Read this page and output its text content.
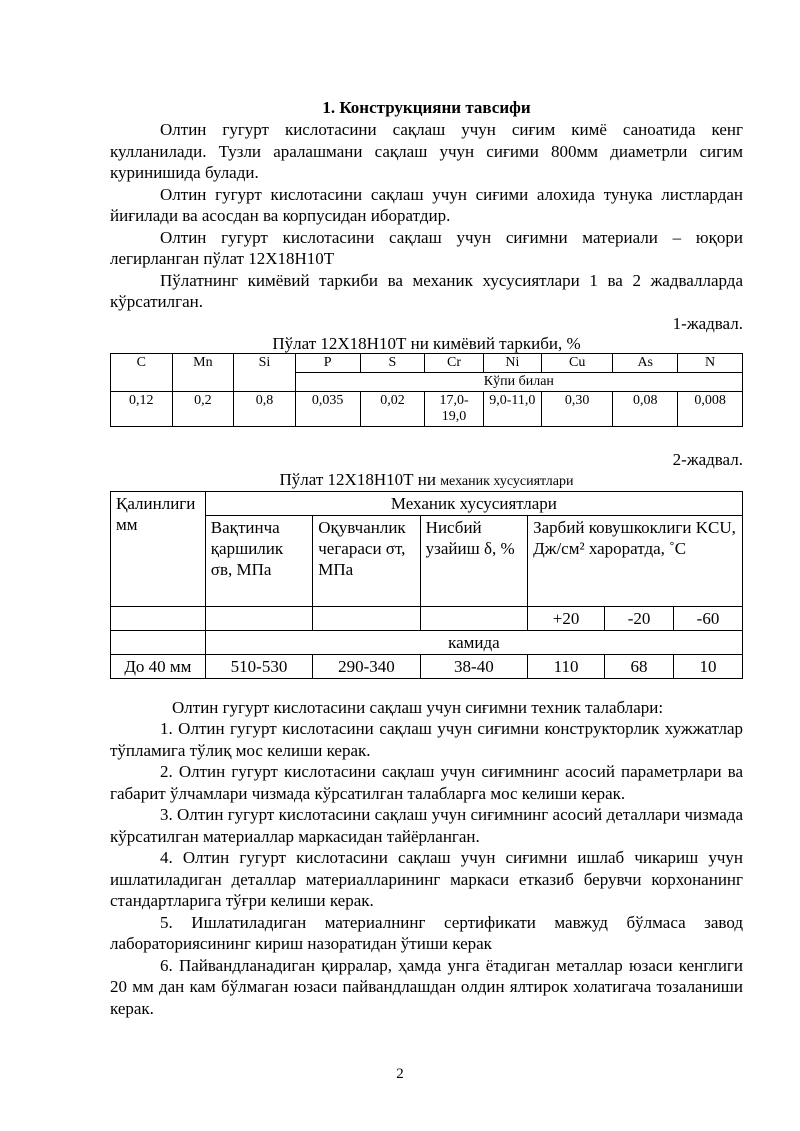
1. Конструкцияни тавсифи

Олтин гугурт кислотасини сақлаш учун сиғим кимё саноатида кенг кулланилади. Тузли аралашмани сақлаш учун сиғими 800мм диаметрли сигим куринишида булади.

Олтин гугурт кислотасини сақлаш учун сиғими алохида тунука листлардан йиғилади ва асосдан ва корпусидан иборатдир.

Олтин гугурт кислотасини сақлаш учун сиғимни материали – юқори легирланган пўлат 12Х18Н10Т

Пўлатнинг кимёвий таркиби ва механик хусусиятлари 1 ва 2 жадвалларда кўрсатилган.

1-жадвал.

Пўлат 12Х18Н10Т ни кимёвий таркиби, %

C	Mn	Si	P	S	Cr	Ni	Cu	As	N
			Кўпи билан						
0,12	0,2	0,8	0,035	0,02	17,0-19,0	9,0-11,0	0,30	0,08	0,008

2-жадвал.

Пўлат 12Х18Н10Т ни механик хусусиятлари

Қалинлиги мм	Механик хусусиятлари					
	Вақтинча қаршилик σв, МПа	Оқувчанлик чегараси σт, МПа	Нисбий узайиш δ, %	Зарбий ковушкоклиги KCU, Дж/см² хароратда, ˚C		
				+20	-20	-60
	камида					
До 40 мм	510-530	290-340	38-40	110	68	10

Олтин гугурт кислотасини сақлаш учун сиғимни техник талаблари:

1. Олтин гугурт кислотасини сақлаш учун сиғимни конструкторлик хужжатлар тўпламига тўлиқ мос келиши керак.

2. Олтин гугурт кислотасини сақлаш учун сиғимнинг асосий параметрлари ва габарит ўлчамлари чизмада кўрсатилган талабларга мос келиши керак.

3. Олтин гугурт кислотасини сақлаш учун сиғимнинг асосий деталлари чизмада кўрсатилган материаллар маркасидан тайёрланган.

4. Олтин гугурт кислотасини сақлаш учун сиғимни ишлаб чикариш учун ишлатиладиган деталлар материалларининг маркаси етказиб берувчи корхонанинг стандартларига тўғри келиши керак.

5. Ишлатиладиган материалнинг сертификати мавжуд бўлмаса завод лабораториясининг кириш назоратидан ўтиши керак

6. Пайвандланадиган қирралар, ҳамда унга ётадиган металлар юзаси кенглиги 20 мм дан кам бўлмаган юзаси пайвандлашдан олдин ялтирок холатигача тозаланиши керак.

2
